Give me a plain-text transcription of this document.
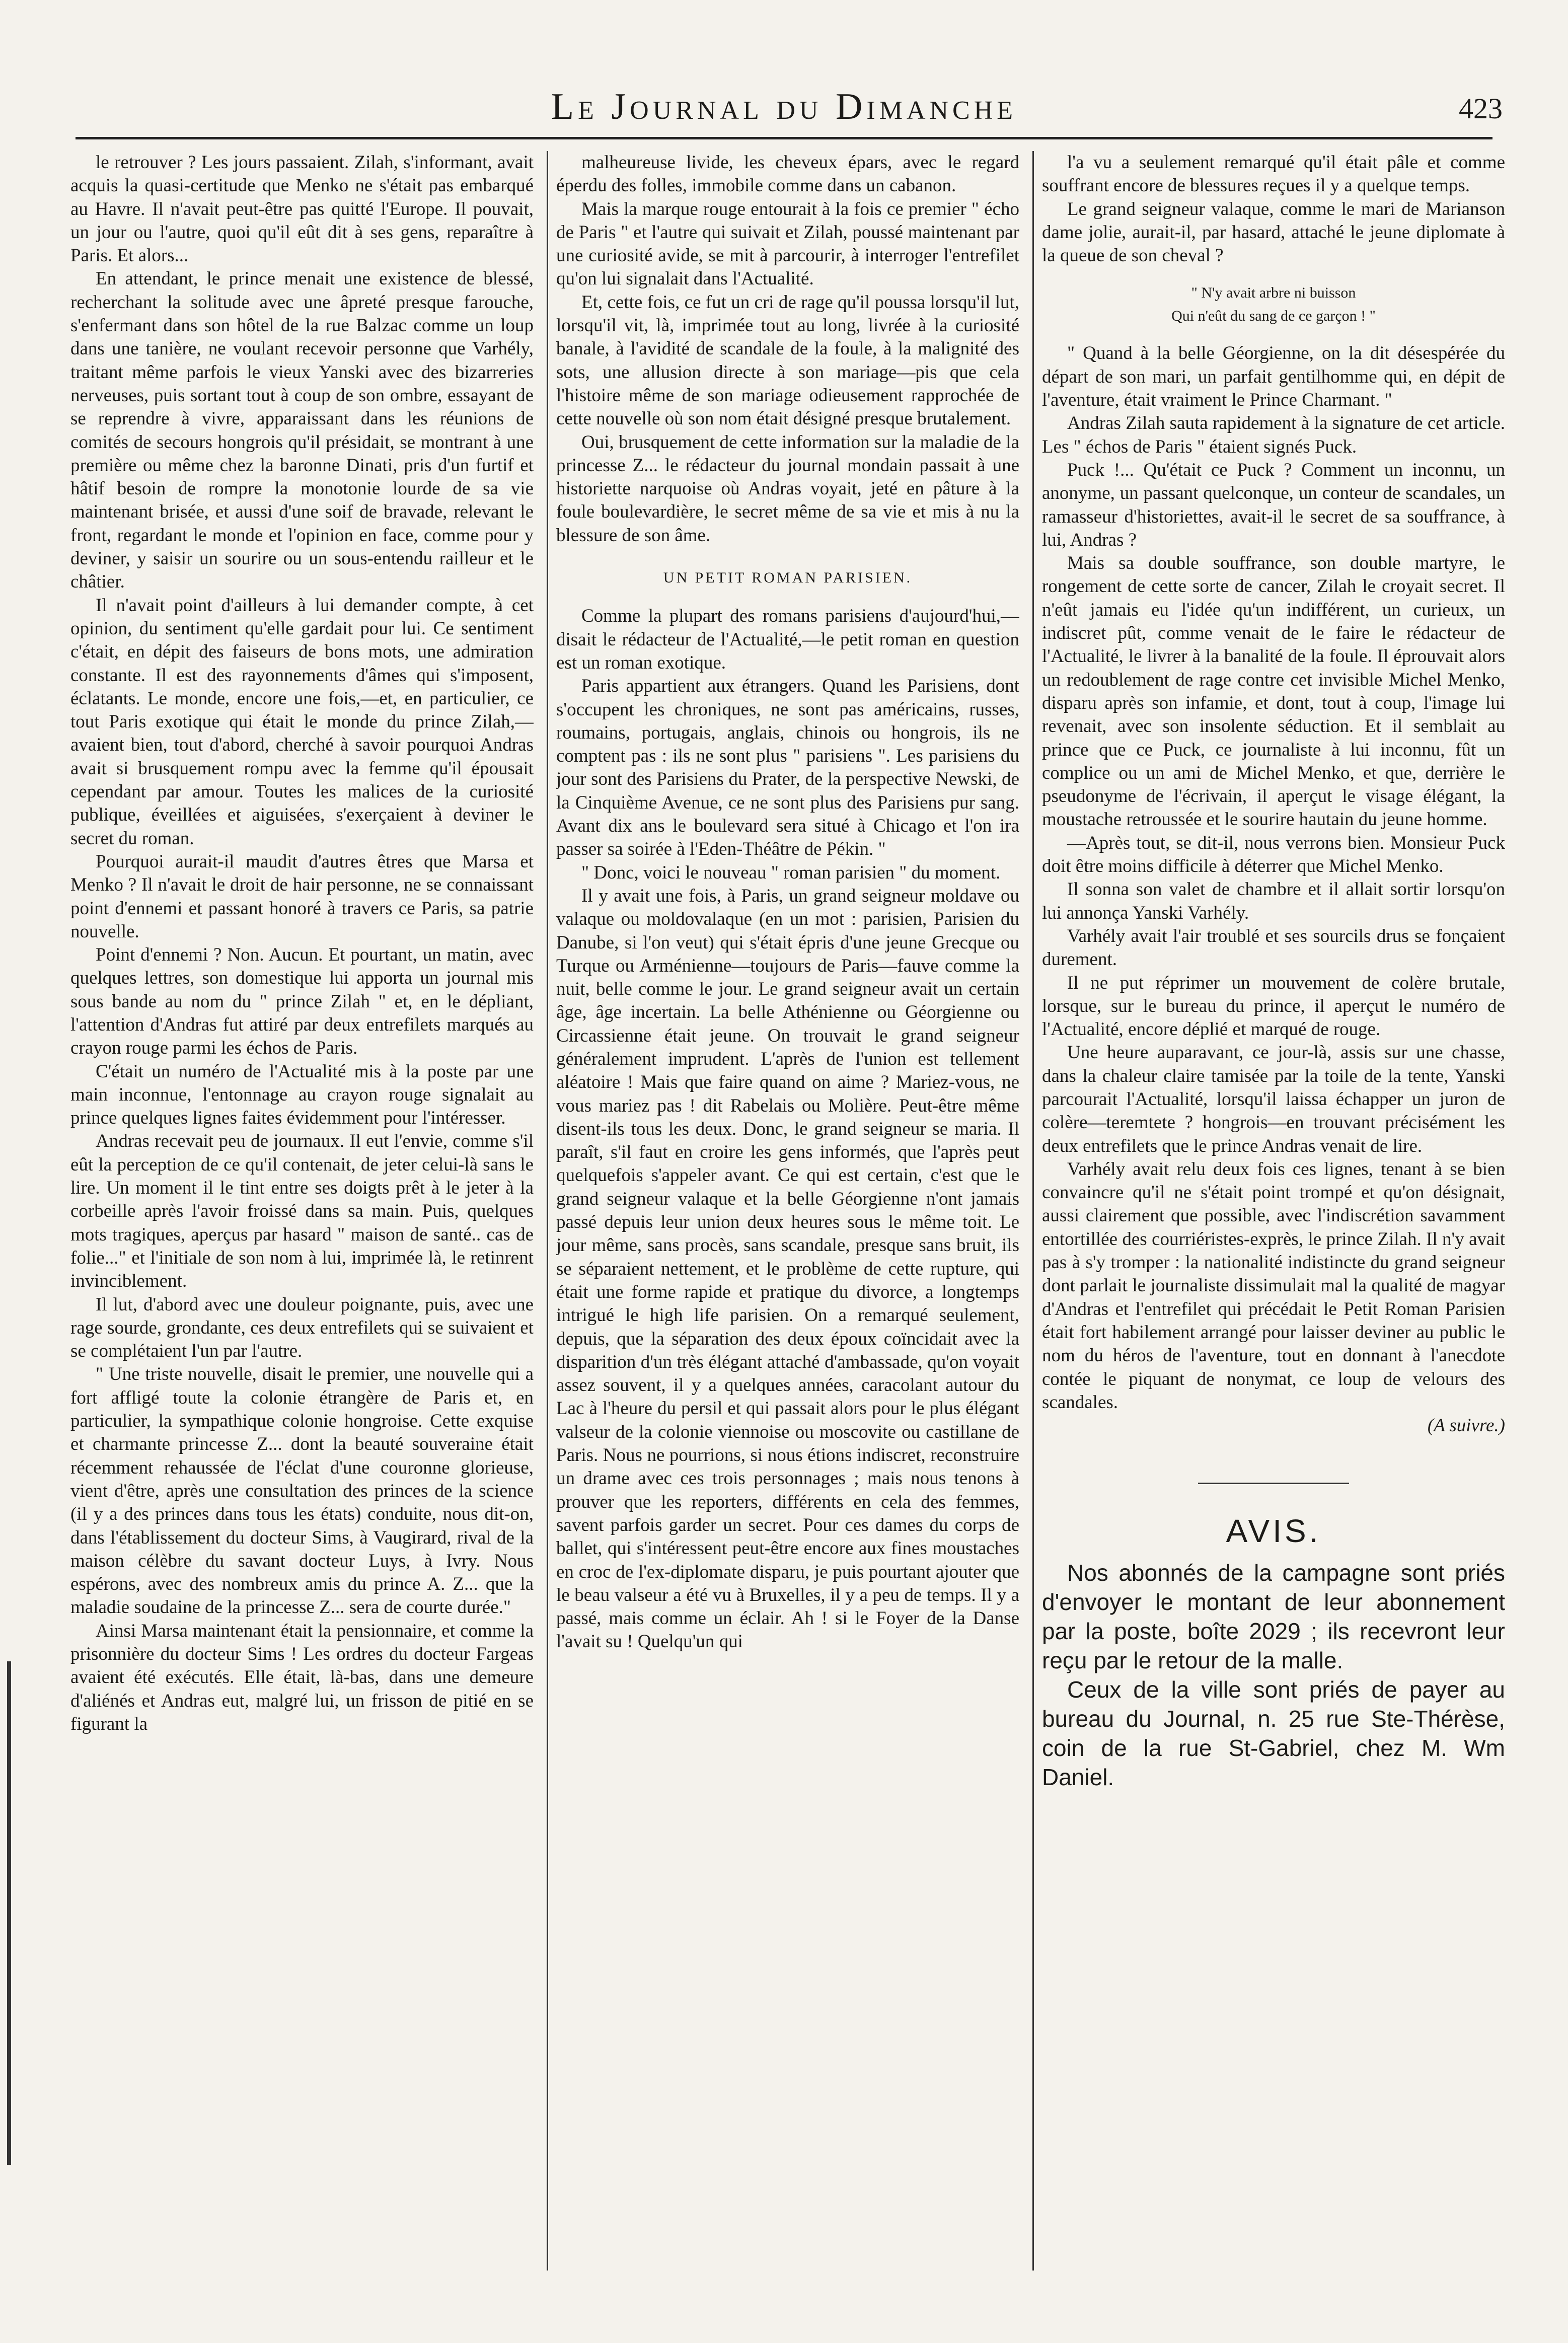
Le Journal du Dimanche	423

le retrouver ? Les jours passaient. Zilah, s'informant, avait acquis la quasi-certitude que Menko ne s'était pas embarqué au Havre. Il n'avait peut-être pas quitté l'Europe. Il pouvait, un jour ou l'autre, quoi qu'il eût dit à ses gens, reparaître à Paris. Et alors...

En attendant, le prince menait une existence de blessé, recherchant la solitude avec une âpreté presque farouche, s'enfermant dans son hôtel de la rue Balzac comme un loup dans une tanière, ne voulant recevoir personne que Varhély, traitant même parfois le vieux Yanski avec des bizarreries nerveuses, puis sortant tout à coup de son ombre, essayant de se reprendre à vivre, apparaissant dans les réunions de comités de secours hongrois qu'il présidait, se montrant à une première ou même chez la baronne Dinati, pris d'un furtif et hâtif besoin de rompre la monotonie lourde de sa vie maintenant brisée, et aussi d'une soif de bravade, relevant le front, regardant le monde et l'opinion en face, comme pour y deviner, y saisir un sourire ou un sous-entendu railleur et le châtier.

Il n'avait point d'ailleurs à lui demander compte, à cet opinion, du sentiment qu'elle gardait pour lui. Ce sentiment c'était, en dépit des faiseurs de bons mots, une admiration constante. Il est des rayonnements d'âmes qui s'imposent, éclatants. Le monde, encore une fois,—et, en particulier, ce tout Paris exotique qui était le monde du prince Zilah,—avaient bien, tout d'abord, cherché à savoir pourquoi Andras avait si brusquement rompu avec la femme qu'il épousait cependant par amour. Toutes les malices de la curiosité publique, éveillées et aiguisées, s'exerçaient à deviner le secret du roman.

Pourquoi aurait-il maudit d'autres êtres que Marsa et Menko ? Il n'avait le droit de hair personne, ne se connaissant point d'ennemi et passant honoré à travers ce Paris, sa patrie nouvelle.

Point d'ennemi ? Non. Aucun. Et pourtant, un matin, avec quelques lettres, son domestique lui apporta un journal mis sous bande au nom du " prince Zilah " et, en le dépliant, l'attention d'Andras fut attiré par deux entrefilets marqués au crayon rouge parmi les échos de Paris.

C'était un numéro de l'Actualité mis à la poste par une main inconnue, l'entonnage au crayon rouge signalait au prince quelques lignes faites évidemment pour l'intéresser.

Andras recevait peu de journaux. Il eut l'envie, comme s'il eût la perception de ce qu'il contenait, de jeter celui-là sans le lire. Un moment il le tint entre ses doigts prêt à le jeter à la corbeille après l'avoir froissé dans sa main. Puis, quelques mots tragiques, aperçus par hasard " maison de santé.. cas de folie..." et l'initiale de son nom à lui, imprimée là, le retinrent invinciblement.

Il lut, d'abord avec une douleur poignante, puis, avec une rage sourde, grondante, ces deux entrefilets qui se suivaient et se complétaient l'un par l'autre.

" Une triste nouvelle, disait le premier, une nouvelle qui a fort affligé toute la colonie étrangère de Paris et, en particulier, la sympathique colonie hongroise. Cette exquise et charmante princesse Z... dont la beauté souveraine était récemment rehaussée de l'éclat d'une couronne glorieuse, vient d'être, après une consultation des princes de la science (il y a des princes dans tous les états) conduite, nous dit-on, dans l'établissement du docteur Sims, à Vaugirard, rival de la maison célèbre du savant docteur Luys, à Ivry. Nous espérons, avec des nombreux amis du prince A. Z... que la maladie soudaine de la princesse Z... sera de courte durée."

Ainsi Marsa maintenant était la pensionnaire, et comme la prisonnière du docteur Sims ! Les ordres du docteur Fargeas avaient été exécutés. Elle était, là-bas, dans une demeure d'aliénés et Andras eut, malgré lui, un frisson de pitié en se figurant la

malheureuse livide, les cheveux épars, avec le regard éperdu des folles, immobile comme dans un cabanon.

Mais la marque rouge entourait à la fois ce premier " écho de Paris " et l'autre qui suivait et Zilah, poussé maintenant par une curiosité avide, se mit à parcourir, à interroger l'entrefilet qu'on lui signalait dans l'Actualité.

Et, cette fois, ce fut un cri de rage qu'il poussa lorsqu'il lut, lorsqu'il vit, là, imprimée tout au long, livrée à la curiosité banale, à l'avidité de scandale de la foule, à la malignité des sots, une allusion directe à son mariage—pis que cela l'histoire même de son mariage odieusement rapprochée de cette nouvelle où son nom était désigné presque brutalement.

Oui, brusquement de cette information sur la maladie de la princesse Z... le rédacteur du journal mondain passait à une historiette narquoise où Andras voyait, jeté en pâture à la foule boulevardière, le secret même de sa vie et mis à nu la blessure de son âme.

UN PETIT ROMAN PARISIEN.

Comme la plupart des romans parisiens d'aujourd'hui,—disait le rédacteur de l'Actualité,—le petit roman en question est un roman exotique.

Paris appartient aux étrangers. Quand les Parisiens, dont s'occupent les chroniques, ne sont pas américains, russes, roumains, portugais, anglais, chinois ou hongrois, ils ne comptent pas : ils ne sont plus " parisiens ". Les parisiens du jour sont des Parisiens du Prater, de la perspective Newski, de la Cinquième Avenue, ce ne sont plus des Parisiens pur sang. Avant dix ans le boulevard sera situé à Chicago et l'on ira passer sa soirée à l'Eden-Théâtre de Pékin. "

" Donc, voici le nouveau " roman parisien " du moment.

Il y avait une fois, à Paris, un grand seigneur moldave ou valaque ou moldovalaque (en un mot : parisien, Parisien du Danube, si l'on veut) qui s'était épris d'une jeune Grecque ou Turque ou Arménienne—toujours de Paris—fauve comme la nuit, belle comme le jour. Le grand seigneur avait un certain âge, âge incertain. La belle Athénienne ou Géorgienne ou Circassienne était jeune. On trouvait le grand seigneur généralement imprudent. L'après de l'union est tellement aléatoire ! Mais que faire quand on aime ? Mariez-vous, ne vous mariez pas ! dit Rabelais ou Molière. Peut-être même disent-ils tous les deux. Donc, le grand seigneur se maria. Il paraît, s'il faut en croire les gens informés, que l'après peut quelquefois s'appeler avant. Ce qui est certain, c'est que le grand seigneur valaque et la belle Géorgienne n'ont jamais passé depuis leur union deux heures sous le même toit. Le jour même, sans procès, sans scandale, presque sans bruit, ils se séparaient nettement, et le problème de cette rupture, qui était une forme rapide et pratique du divorce, a longtemps intrigué le high life parisien. On a remarqué seulement, depuis, que la séparation des deux époux coïncidait avec la disparition d'un très élégant attaché d'ambassade, qu'on voyait assez souvent, il y a quelques années, caracolant autour du Lac à l'heure du persil et qui passait alors pour le plus élégant valseur de la colonie viennoise ou moscovite ou castillane de Paris. Nous ne pourrions, si nous étions indiscret, reconstruire un drame avec ces trois personnages ; mais nous tenons à prouver que les reporters, différents en cela des femmes, savent parfois garder un secret. Pour ces dames du corps de ballet, qui s'intéressent peut-être encore aux fines moustaches en croc de l'ex-diplomate disparu, je puis pourtant ajouter que le beau valseur a été vu à Bruxelles, il y a peu de temps. Il y a passé, mais comme un éclair. Ah ! si le Foyer de la Danse l'avait su ! Quelqu'un qui

l'a vu a seulement remarqué qu'il était pâle et comme souffrant encore de blessures reçues il y a quelque temps.

Le grand seigneur valaque, comme le mari de Marianson dame jolie, aurait-il, par hasard, attaché le jeune diplomate à la queue de son cheval ?

" N'y avait arbre ni buisson
Qui n'eût du sang de ce garçon ! "

" Quand à la belle Géorgienne, on la dit désespérée du départ de son mari, un parfait gentilhomme qui, en dépit de l'aventure, était vraiment le Prince Charmant. "

Andras Zilah sauta rapidement à la signature de cet article. Les " échos de Paris " étaient signés Puck.

Puck !... Qu'était ce Puck ? Comment un inconnu, un anonyme, un passant quelconque, un conteur de scandales, un ramasseur d'historiettes, avait-il le secret de sa souffrance, à lui, Andras ?

Mais sa double souffrance, son double martyre, le rongement de cette sorte de cancer, Zilah le croyait secret. Il n'eût jamais eu l'idée qu'un indifférent, un curieux, un indiscret pût, comme venait de le faire le rédacteur de l'Actualité, le livrer à la banalité de la foule. Il éprouvait alors un redoublement de rage contre cet invisible Michel Menko, disparu après son infamie, et dont, tout à coup, l'image lui revenait, avec son insolente séduction. Et il semblait au prince que ce Puck, ce journaliste à lui inconnu, fût un complice ou un ami de Michel Menko, et que, derrière le pseudonyme de l'écrivain, il aperçut le visage élégant, la moustache retroussée et le sourire hautain du jeune homme.

—Après tout, se dit-il, nous verrons bien. Monsieur Puck doit être moins difficile à déterrer que Michel Menko.

Il sonna son valet de chambre et il allait sortir lorsqu'on lui annonça Yanski Varhély.

Varhély avait l'air troublé et ses sourcils drus se fonçaient durement.

Il ne put réprimer un mouvement de colère brutale, lorsque, sur le bureau du prince, il aperçut le numéro de l'Actualité, encore déplié et marqué de rouge.

Une heure auparavant, ce jour-là, assis sur une chasse, dans la chaleur claire tamisée par la toile de la tente, Yanski parcourait l'Actualité, lorsqu'il laissa échapper un juron de colère—teremtete ? hongrois—en trouvant précisément les deux entrefilets que le prince Andras venait de lire.

Varhély avait relu deux fois ces lignes, tenant à se bien convaincre qu'il ne s'était point trompé et qu'on désignait, aussi clairement que possible, avec l'indiscrétion savamment entortillée des courriéristes-exprès, le prince Zilah. Il n'y avait pas à s'y tromper : la nationalité indistincte du grand seigneur dont parlait le journaliste dissimulait mal la qualité de magyar d'Andras et l'entrefilet qui précédait le Petit Roman Parisien était fort habilement arrangé pour laisser deviner au public le nom du héros de l'aventure, tout en donnant à l'anecdote contée le piquant de nonymat, ce loup de velours des scandales.

(A suivre.)

AVIS.

Nos abonnés de la campagne sont priés d'envoyer le montant de leur abonnement par la poste, boîte 2029 ; ils recevront leur reçu par le retour de la malle.

Ceux de la ville sont priés de payer au bureau du Journal, n. 25 rue Ste-Thérèse, coin de la rue St-Gabriel, chez M. Wm Daniel.
